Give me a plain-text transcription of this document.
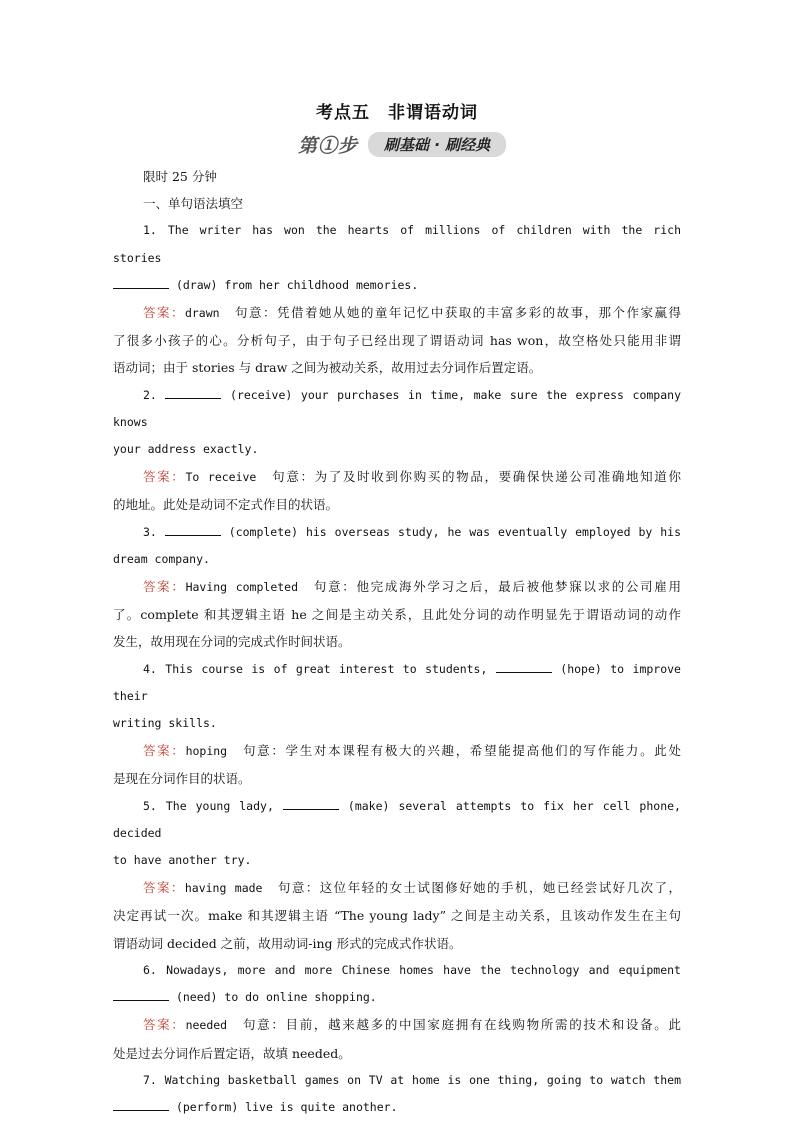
考点五　非谓语动词
第①步	刷基础 · 刷经典
限时 25 分钟
一、单句语法填空
1. The writer has won the hearts of millions of children with the rich stories
(draw) from her childhood memories.
答案：drawn　 句意：凭借着她从她的童年记忆中获取的丰富多彩的故事，那个作家赢得
了很多小孩子的心。分析句子，由于句子已经出现了谓语动词 has won，故空格处只能用非谓
语动词；由于 stories 与 draw 之间为被动关系，故用过去分词作后置定语。
2.	(receive) your purchases in time, make sure the express company knows
your address exactly.
答案：To receive　 句意：为了及时收到你购买的物品，要确保快递公司准确地知道你
的地址。此处是动词不定式作目的状语。
3.	(complete) his overseas study, he was eventually employed by his
dream company.
答案：Having completed　 句意：他完成海外学习之后，最后被他梦寐以求的公司雇用
了。complete 和其逻辑主语 he 之间是主动关系，且此处分词的动作明显先于谓语动词的动作
发生，故用现在分词的完成式作时间状语。
4. This course is of great interest to students,	(hope) to improve their
writing skills.
答案：hoping　 句意：学生对本课程有极大的兴趣，希望能提高他们的写作能力。此处
是现在分词作目的状语。
5. The young lady,	(make) several attempts to fix her cell phone, decided
to have another try.
答案：having made　 句意：这位年轻的女士试图修好她的手机，她已经尝试好几次了，
决定再试一次。make 和其逻辑主语 “The young lady” 之间是主动关系，且该动作发生在主句
谓语动词 decided 之前，故用动词-ing 形式的完成式作状语。
6. Nowadays, more and more Chinese homes have the technology and equipment
(need) to do online shopping.
答案：needed　 句意：目前，越来越多的中国家庭拥有在线购物所需的技术和设备。此
处是过去分词作后置定语，故填 needed。
7. Watching basketball games on TV at home is one thing, going to watch them
(perform) live is quite another.
